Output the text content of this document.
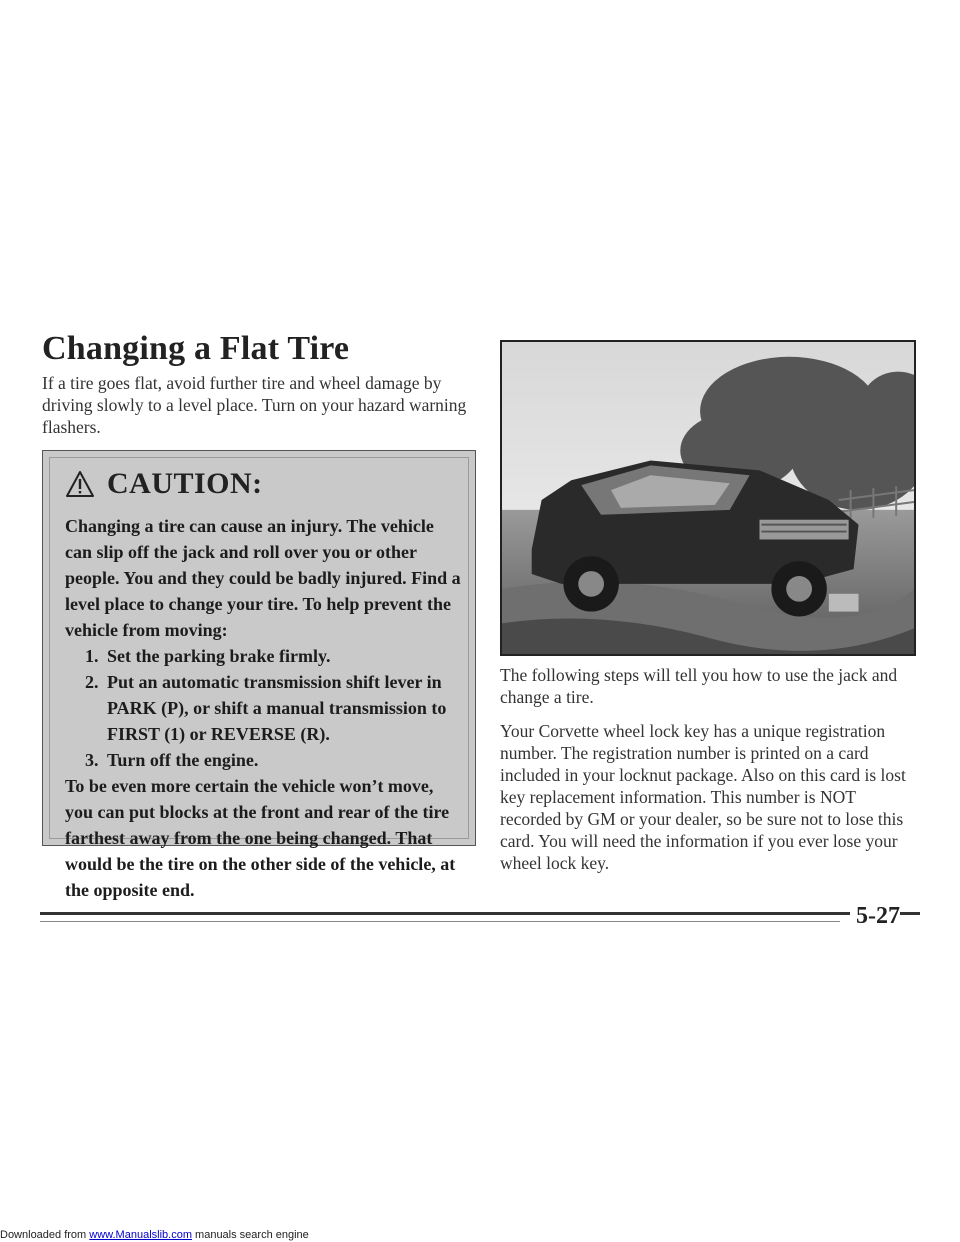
Changing a Flat Tire

If a tire goes flat, avoid further tire and wheel damage by driving slowly to a level place. Turn on your hazard warning flashers.

CAUTION:

Changing a tire can cause an injury. The vehicle can slip off the jack and roll over you or other people. You and they could be badly injured. Find a level place to change your tire. To help prevent the vehicle from moving:

1. Set the parking brake firmly.
2. Put an automatic transmission shift lever in PARK (P), or shift a manual transmission to FIRST (1) or REVERSE (R).
3. Turn off the engine.

To be even more certain the vehicle won’t move, you can put blocks at the front and rear of the tire farthest away from the one being changed. That would be the tire on the other side of the vehicle, at the opposite end.

The following steps will tell you how to use the jack and change a tire.

Your Corvette wheel lock key has a unique registration number. The registration number is printed on a card included in your locknut package. Also on this card is lost key replacement information. This number is NOT recorded by GM or your dealer, so be sure not to lose this card. You will need the information if you ever lose your wheel lock key.

5-27
Downloaded from www.Manualslib.com manuals search engine
